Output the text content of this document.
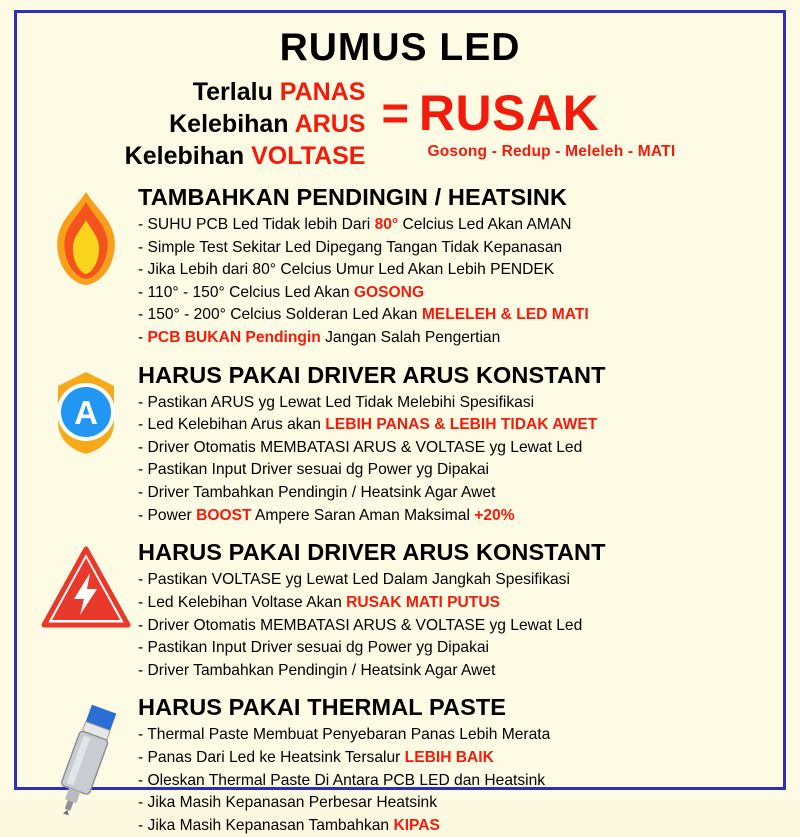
RUMUS LED
Terlalu PANAS
Kelebihan ARUS
Kelebihan VOLTASE
= RUSAK
Gosong - Redup - Meleleh - MATI
TAMBAHKAN PENDINGIN / HEATSINK
- SUHU PCB Led Tidak lebih Dari 80° Celcius Led Akan AMAN
- Simple Test Sekitar Led Dipegang Tangan Tidak Kepanasan
- Jika Lebih dari 80° Celcius Umur Led Akan Lebih PENDEK
- 110° - 150° Celcius Led Akan GOSONG
- 150° - 200° Celcius Solderan Led Akan MELELEH & LED MATI
- PCB BUKAN Pendingin Jangan Salah Pengertian
A
HARUS PAKAI DRIVER ARUS KONSTANT
- Pastikan ARUS yg Lewat Led Tidak Melebihi Spesifikasi
- Led Kelebihan Arus akan LEBIH PANAS & LEBIH TIDAK AWET
- Driver Otomatis MEMBATASI ARUS & VOLTASE yg Lewat Led
- Pastikan Input Driver sesuai dg Power yg Dipakai
- Driver Tambahkan Pendingin / Heatsink Agar Awet
- Power BOOST Ampere Saran Aman Maksimal +20%
HARUS PAKAI DRIVER ARUS KONSTANT
- Pastikan VOLTASE yg Lewat Led Dalam Jangkah Spesifikasi
- Led Kelebihan Voltase Akan RUSAK MATI PUTUS
- Driver Otomatis MEMBATASI ARUS & VOLTASE yg Lewat Led
- Pastikan Input Driver sesuai dg Power yg Dipakai
- Driver Tambahkan Pendingin / Heatsink Agar Awet
HARUS PAKAI THERMAL PASTE
- Thermal Paste Membuat Penyebaran Panas Lebih Merata
- Panas Dari Led ke Heatsink Tersalur LEBIH BAIK
- Oleskan Thermal Paste Di Antara PCB LED dan Heatsink
- Jika Masih Kepanasan Perbesar Heatsink
- Jika Masih Kepanasan Tambahkan KIPAS
